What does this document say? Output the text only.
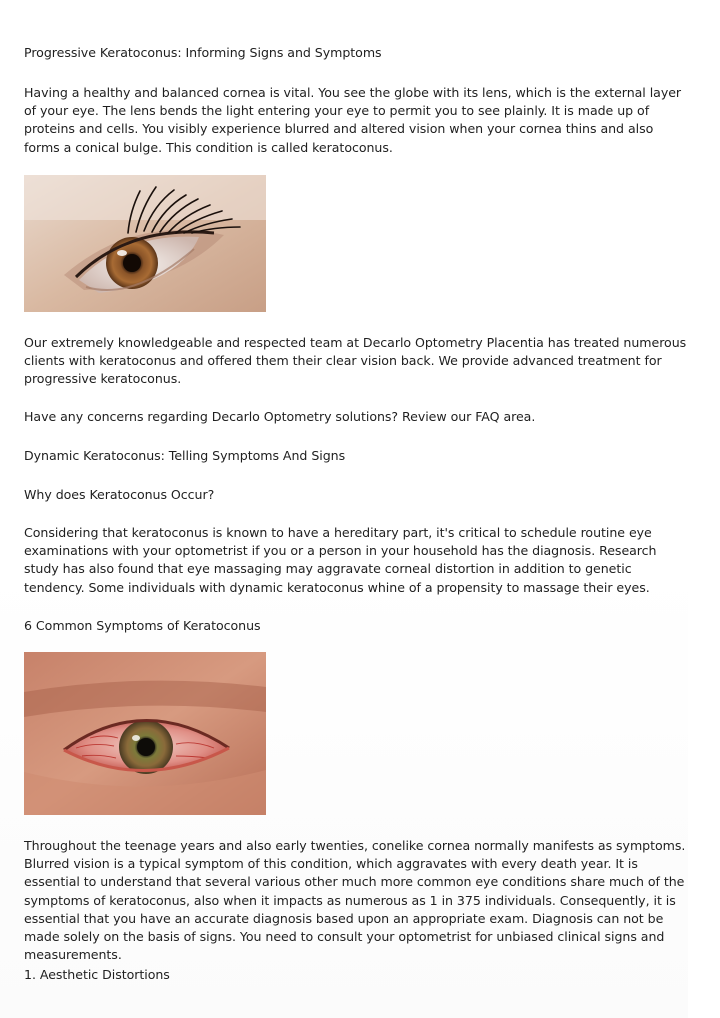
Progressive Keratoconus: Informing Signs and Symptoms

Having a healthy and balanced cornea is vital. You see the globe with its lens, which is the external layer of your eye. The lens bends the light entering your eye to permit you to see plainly. It is made up of proteins and cells. You visibly experience blurred and altered vision when your cornea thins and also forms a conical bulge. This condition is called keratoconus.

Our extremely knowledgeable and respected team at Decarlo Optometry Placentia has treated numerous clients with keratoconus and offered them their clear vision back. We provide advanced treatment for progressive keratoconus.

Have any concerns regarding Decarlo Optometry solutions? Review our FAQ area.

Dynamic Keratoconus: Telling Symptoms And Signs

Why does Keratoconus Occur?

Considering that keratoconus is known to have a hereditary part, it's critical to schedule routine eye examinations with your optometrist if you or a person in your household has the diagnosis. Research study has also found that eye massaging may aggravate corneal distortion in addition to genetic tendency. Some individuals with dynamic keratoconus whine of a propensity to massage their eyes.

6 Common Symptoms of Keratoconus

Throughout the teenage years and also early twenties, conelike cornea normally manifests as symptoms. Blurred vision is a typical symptom of this condition, which aggravates with every death year. It is essential to understand that several various other much more common eye conditions share much of the symptoms of keratoconus, also when it impacts as numerous as 1 in 375 individuals. Consequently, it is essential that you have an accurate diagnosis based upon an appropriate exam. Diagnosis can not be made solely on the basis of signs. You need to consult your optometrist for unbiased clinical signs and measurements.

1. Aesthetic Distortions
